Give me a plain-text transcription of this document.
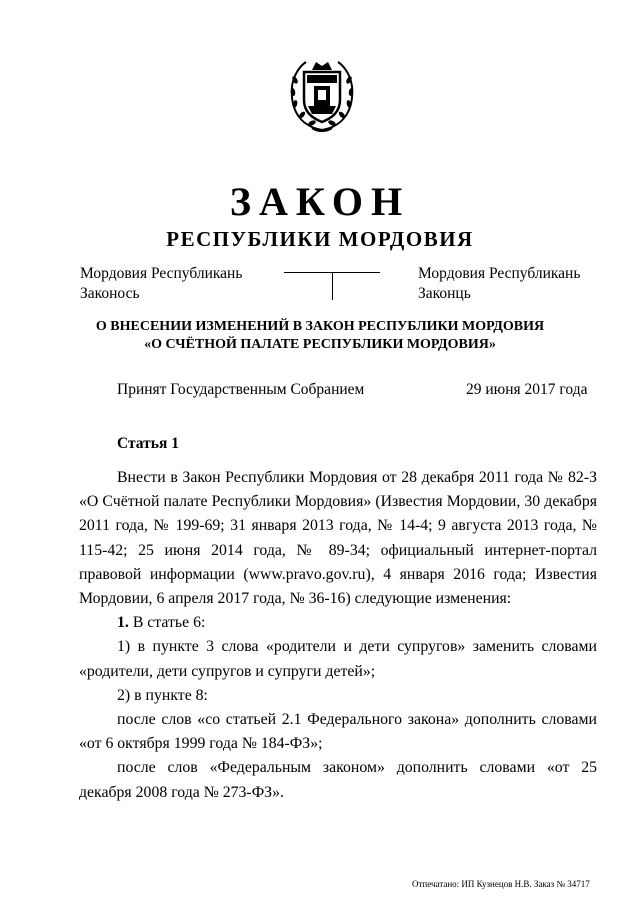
ЗАКОН
РЕСПУБЛИКИ МОРДОВИЯ
Мордовия Республикань
Законось
Мордовия Республикань
Законць
О ВНЕСЕНИИ ИЗМЕНЕНИЙ В ЗАКОН РЕСПУБЛИКИ МОРДОВИЯ
«О СЧЁТНОЙ ПАЛАТЕ РЕСПУБЛИКИ МОРДОВИЯ»
Принят Государственным Собранием	29 июня 2017 года
Статья 1

Внести в Закон Республики Мордовия от 28 декабря 2011 года № 82-З «О Счётной палате Республики Мордовия» (Известия Мордовии, 30 декабря 2011 года, № 199-69; 31 января 2013 года, № 14-4; 9 августа 2013 года, № 115-42; 25 июня 2014 года, № 89-34; официальный интернет-портал правовой информации (www.pravo.gov.ru), 4 января 2016 года; Известия Мордовии, 6 апреля 2017 года, № 36-16) следующие изменения:

1. В статье 6:

1) в пункте 3 слова «родители и дети супругов» заменить словами «родители, дети супругов и супруги детей»;

2) в пункте 8:

после слов «со статьей 2.1 Федерального закона» дополнить словами «от 6 октября 1999 года № 184-ФЗ»;

после слов «Федеральным законом» дополнить словами «от 25 декабря 2008 года № 273-ФЗ».

Отпечатано: ИП Кузнецов Н.В. Заказ № 34717
